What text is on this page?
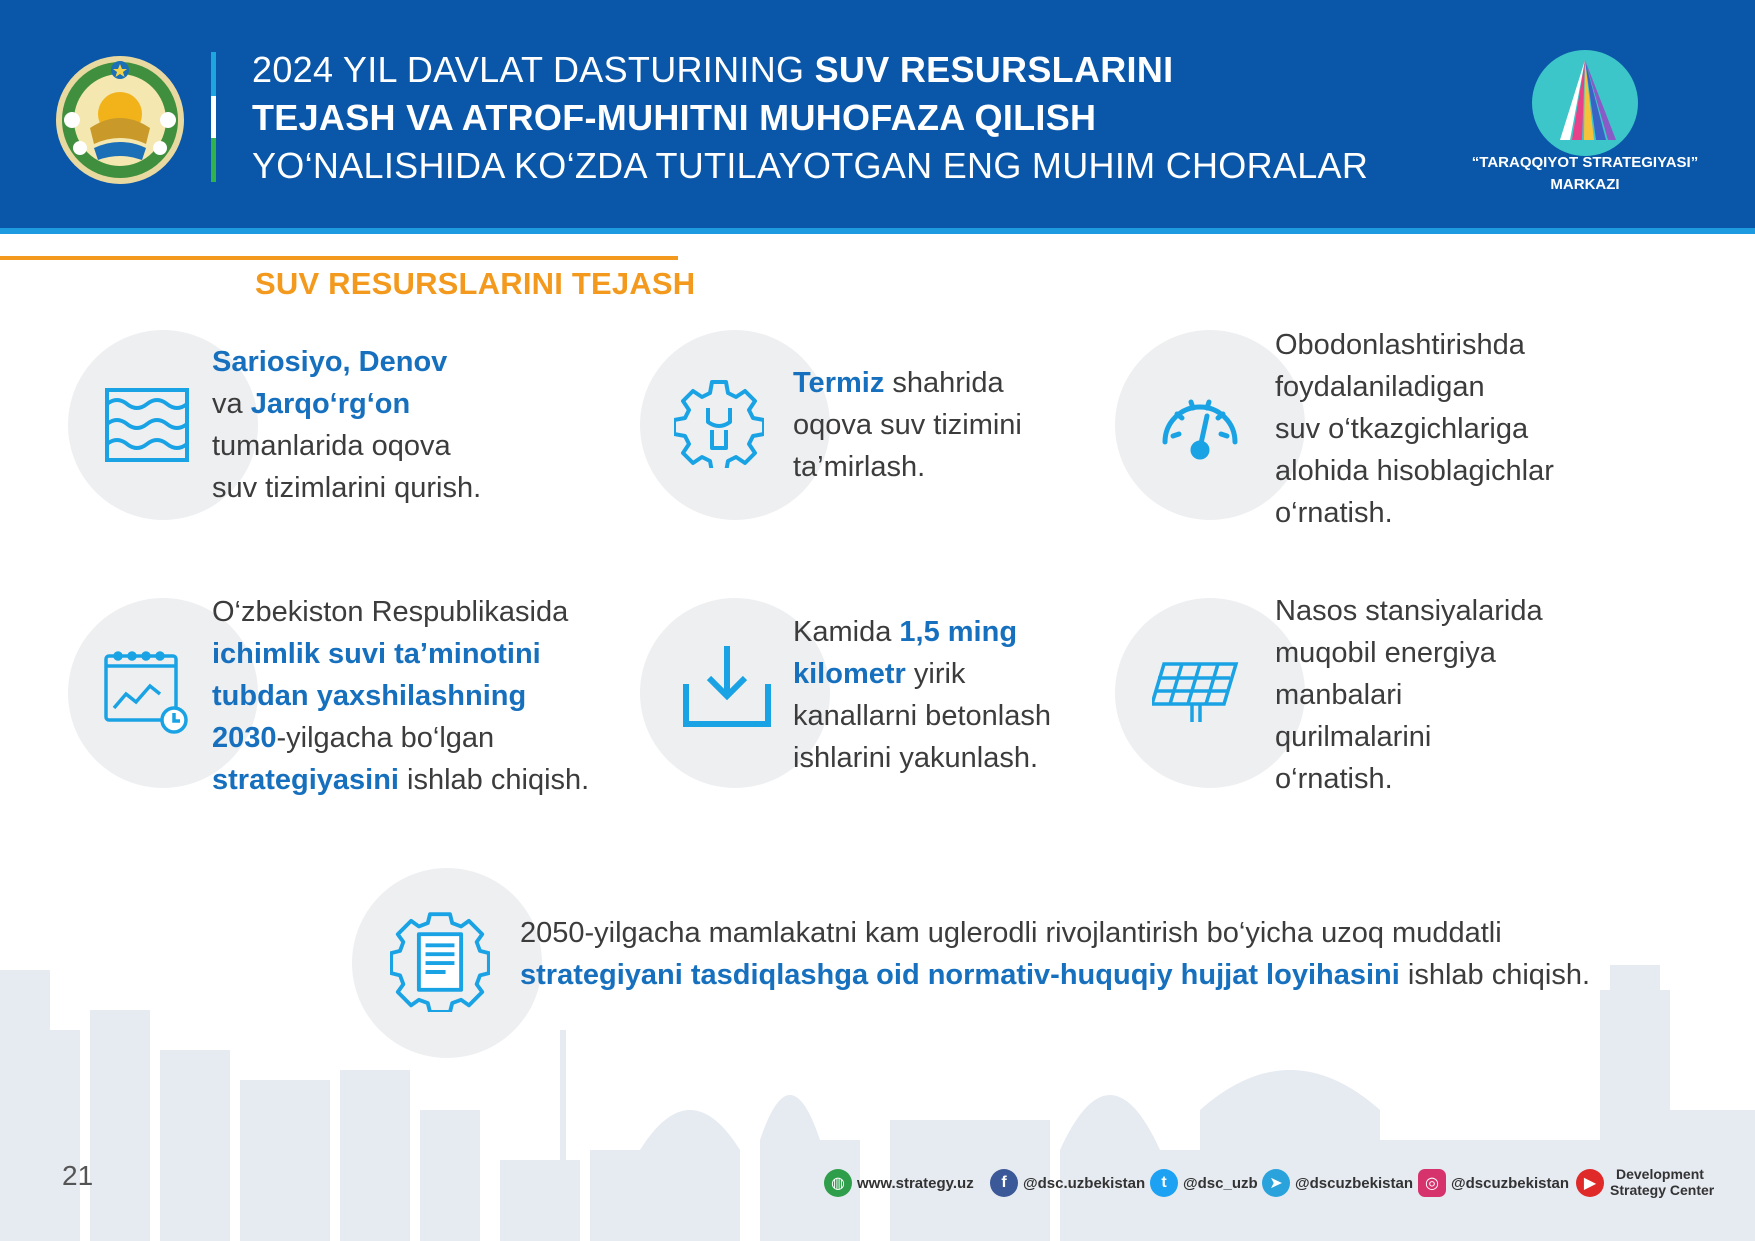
2024 YIL DAVLAT DASTURINING SUV RESURSLARINI
TEJASH VA ATROF-MUHITNI MUHOFAZA QILISH
YO‘NALISHIDA KO‘ZDA TUTILAYOTGAN ENG MUHIM CHORALAR	“TARAQQIYOT STRATEGIYASI”
MARKAZI
SUV RESURSLARINI TEJASH
Sariosiyo, Denov
va Jarqo‘rg‘on
tumanlarida oqova
suv tizimlarini qurish.
Termiz shahrida
oqova suv tizimini
ta’mirlash.
Obodonlashtirishda
foydalaniladigan
suv o‘tkazgichlariga
alohida hisoblagichlar
o‘rnatish.
O‘zbekiston Respublikasida
ichimlik suvi ta’minotini
tubdan yaxshilashning
2030-yilgacha bo‘lgan
strategiyasini ishlab chiqish.
Kamida 1,5 ming
kilometr yirik
kanallarni betonlash
ishlarini yakunlash.
Nasos stansiyalarida
muqobil energiya
manbalari
qurilmalarini
o‘rnatish.
2050-yilgacha mamlakatni kam uglerodli rivojlantirish bo‘yicha uzoq muddatli
strategiyani tasdiqlashga oid normativ-huquqiy hujjat loyihasini ishlab chiqish.
21	◍ www.strategy.uz	f	@dsc.uzbekistan	t	@dsc_uzb ➤ @dscuzbekistan ◎ @dscuzbekistan ▶
Development
Strategy Center
